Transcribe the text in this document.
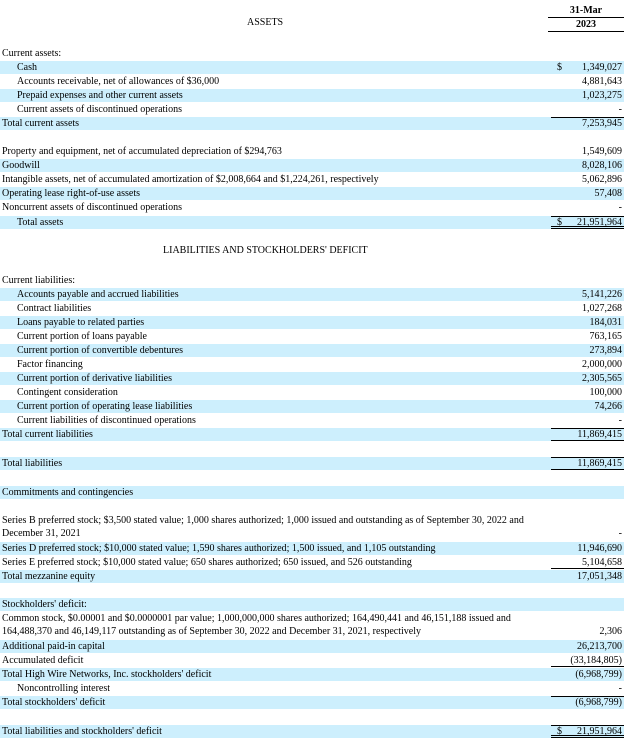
ASSETS
31-Mar
2023
LIABILITIES AND STOCKHOLDERS' DEFICIT
Current assets:
Cash	$	1,349,027
Accounts receivable, net of allowances of $36,000	4,881,643
Prepaid expenses and other current assets	1,023,275
Current assets of discontinued operations	-
Total current assets	7,253,945
Property and equipment, net of accumulated depreciation of $294,763	1,549,609
Goodwill	8,028,106
Intangible assets, net of accumulated amortization of $2,008,664 and $1,224,261, respectively	5,062,896
Operating lease right-of-use assets	57,408
Noncurrent assets of discontinued operations	-
Total assets	$	21,951,964
Current liabilities:
Accounts payable and accrued liabilities	5,141,226
Contract liabilities	1,027,268
Loans payable to related parties	184,031
Current portion of loans payable	763,165
Current portion of convertible debentures	273,894
Factor financing	2,000,000
Current portion of derivative liabilities	2,305,565
Contingent consideration	100,000
Current portion of operating lease liabilities	74,266
Current liabilities of discontinued operations	-
Total current liabilities	11,869,415
Total liabilities	11,869,415
Commitments and contingencies
Series B preferred stock; $3,500 stated value; 1,000 shares authorized; 1,000 issued and outstanding as of September 30, 2022 and December 31, 2021	-
Series D preferred stock; $10,000 stated value; 1,590 shares authorized; 1,500 issued, and 1,105 outstanding	11,946,690
Series E preferred stock; $10,000 stated value; 650 shares authorized; 650 issued, and 526 outstanding	5,104,658
Total mezzanine equity	17,051,348
Stockholders' deficit:
Common stock, $0.00001 and $0.0000001 par value; 1,000,000,000 shares authorized; 164,490,441 and 46,151,188 issued and 164,488,370 and 46,149,117 outstanding as of September 30, 2022 and December 31, 2021, respectively	2,306
Additional paid-in capital	26,213,700
Accumulated deficit	(33,184,805)
Total High Wire Networks, Inc. stockholders' deficit	(6,968,799)
Noncontrolling interest	-
Total stockholders' deficit	(6,968,799)
Total liabilities and stockholders' deficit	$	21,951,964
